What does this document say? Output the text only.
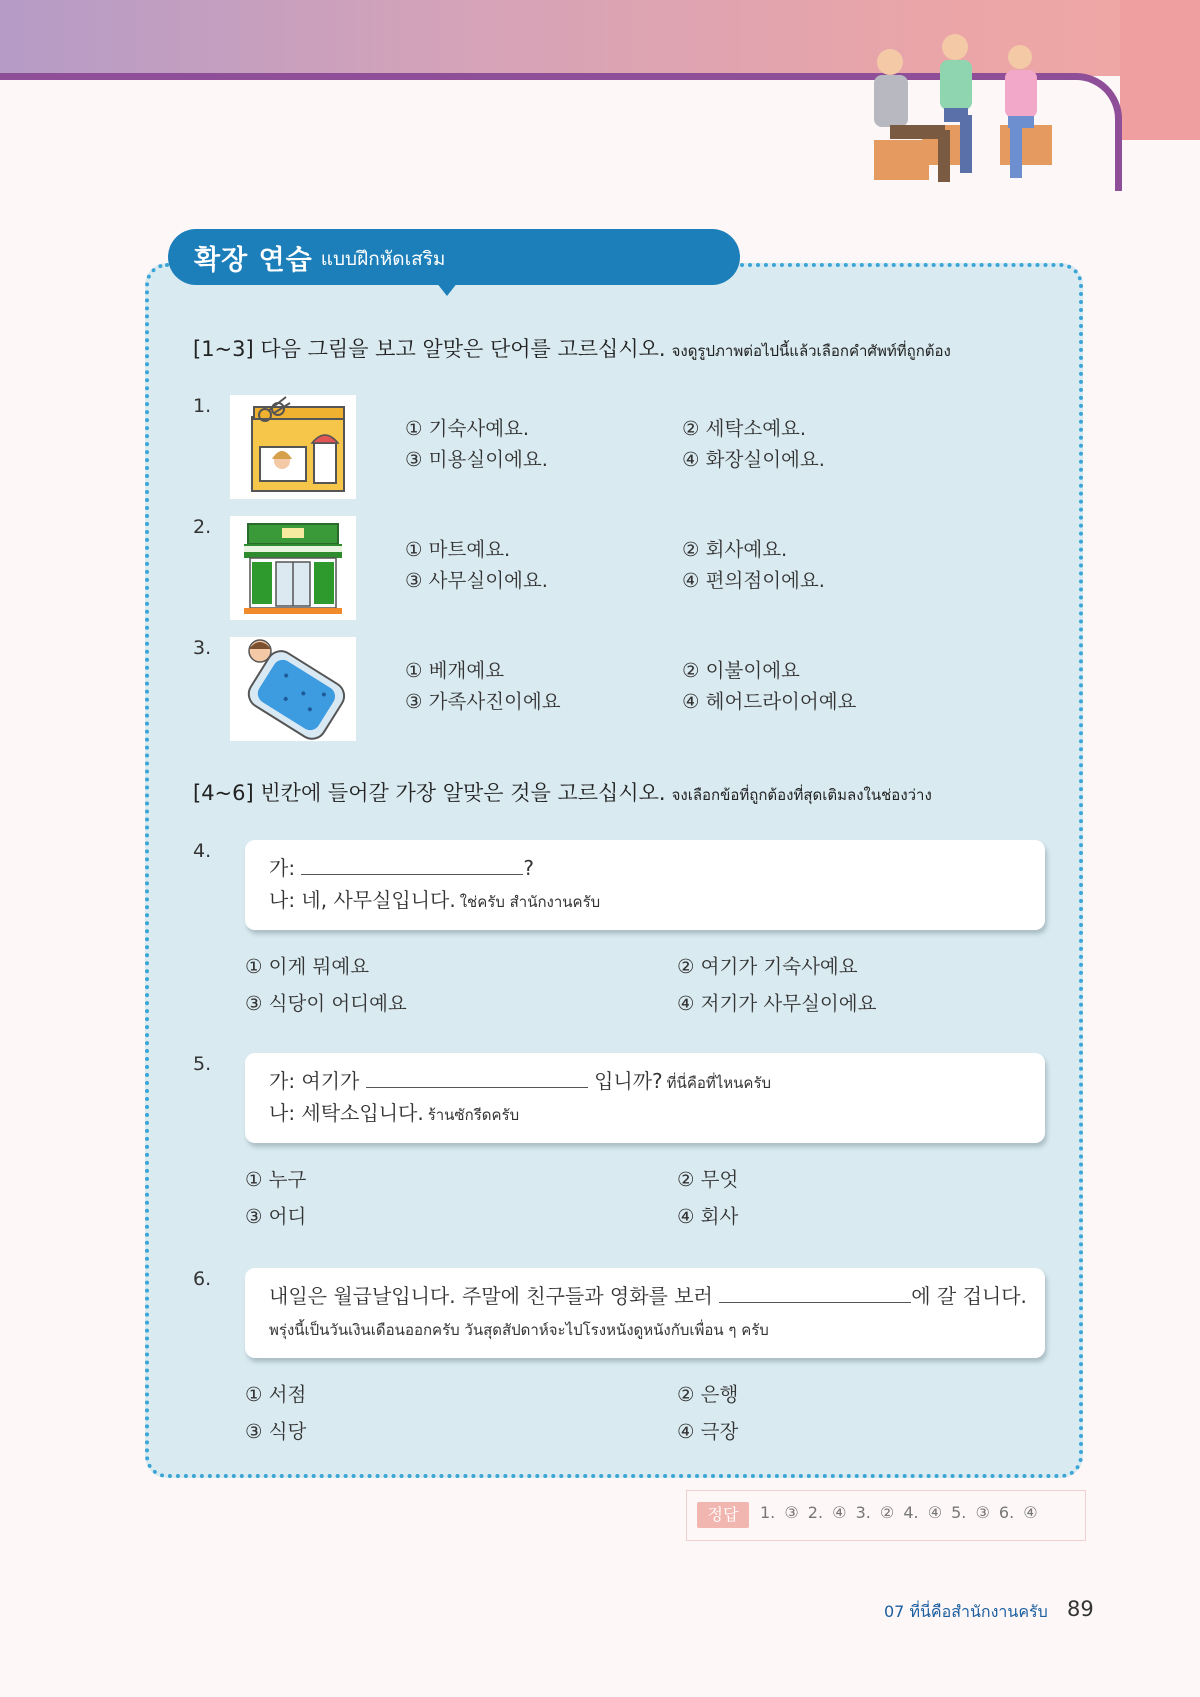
확장 연습 แบบฝึกหัดเสริม
[1~3] 다음 그림을 보고 알맞은 단어를 고르십시오. จงดูรูปภาพต่อไปนี้แล้วเลือกคำศัพท์ที่ถูกต้อง
1.
① 기숙사예요.	② 세탁소예요.
③ 미용실이에요.	④ 화장실이에요.
2.
① 마트예요.	② 회사예요.
③ 사무실이에요.	④ 편의점이에요.
3.
① 베개예요	② 이불이에요
③ 가족사진이에요	④ 헤어드라이어예요
[4~6] 빈칸에 들어갈 가장 알맞은 것을 고르십시오. จงเลือกข้อที่ถูกต้องที่สุดเติมลงในช่องว่าง
4.
가:	?
나: 네, 사무실입니다. ใช่ครับ สำนักงานครับ
① 이게 뭐예요	② 여기가 기숙사예요
③ 식당이 어디예요	④ 저기가 사무실이에요
5.
가: 여기가	입니까? ที่นี่คือที่ไหนครับ
나: 세탁소입니다. ร้านซักรีดครับ
① 누구	② 무엇
③ 어디	④ 회사
6.
내일은 월급날입니다. 주말에 친구들과 영화를 보러	에 갈 겁니다.
พรุ่งนี้เป็นวันเงินเดือนออกครับ วันสุดสัปดาห์จะไปโรงหนังดูหนังกับเพื่อน ๆ ครับ
① 서점	② 은행
③ 식당	④ 극장
정답	1. ③ 2. ④ 3. ② 4. ④ 5. ③ 6. ④
07 ที่นี่คือสำนักงานครับ 89
